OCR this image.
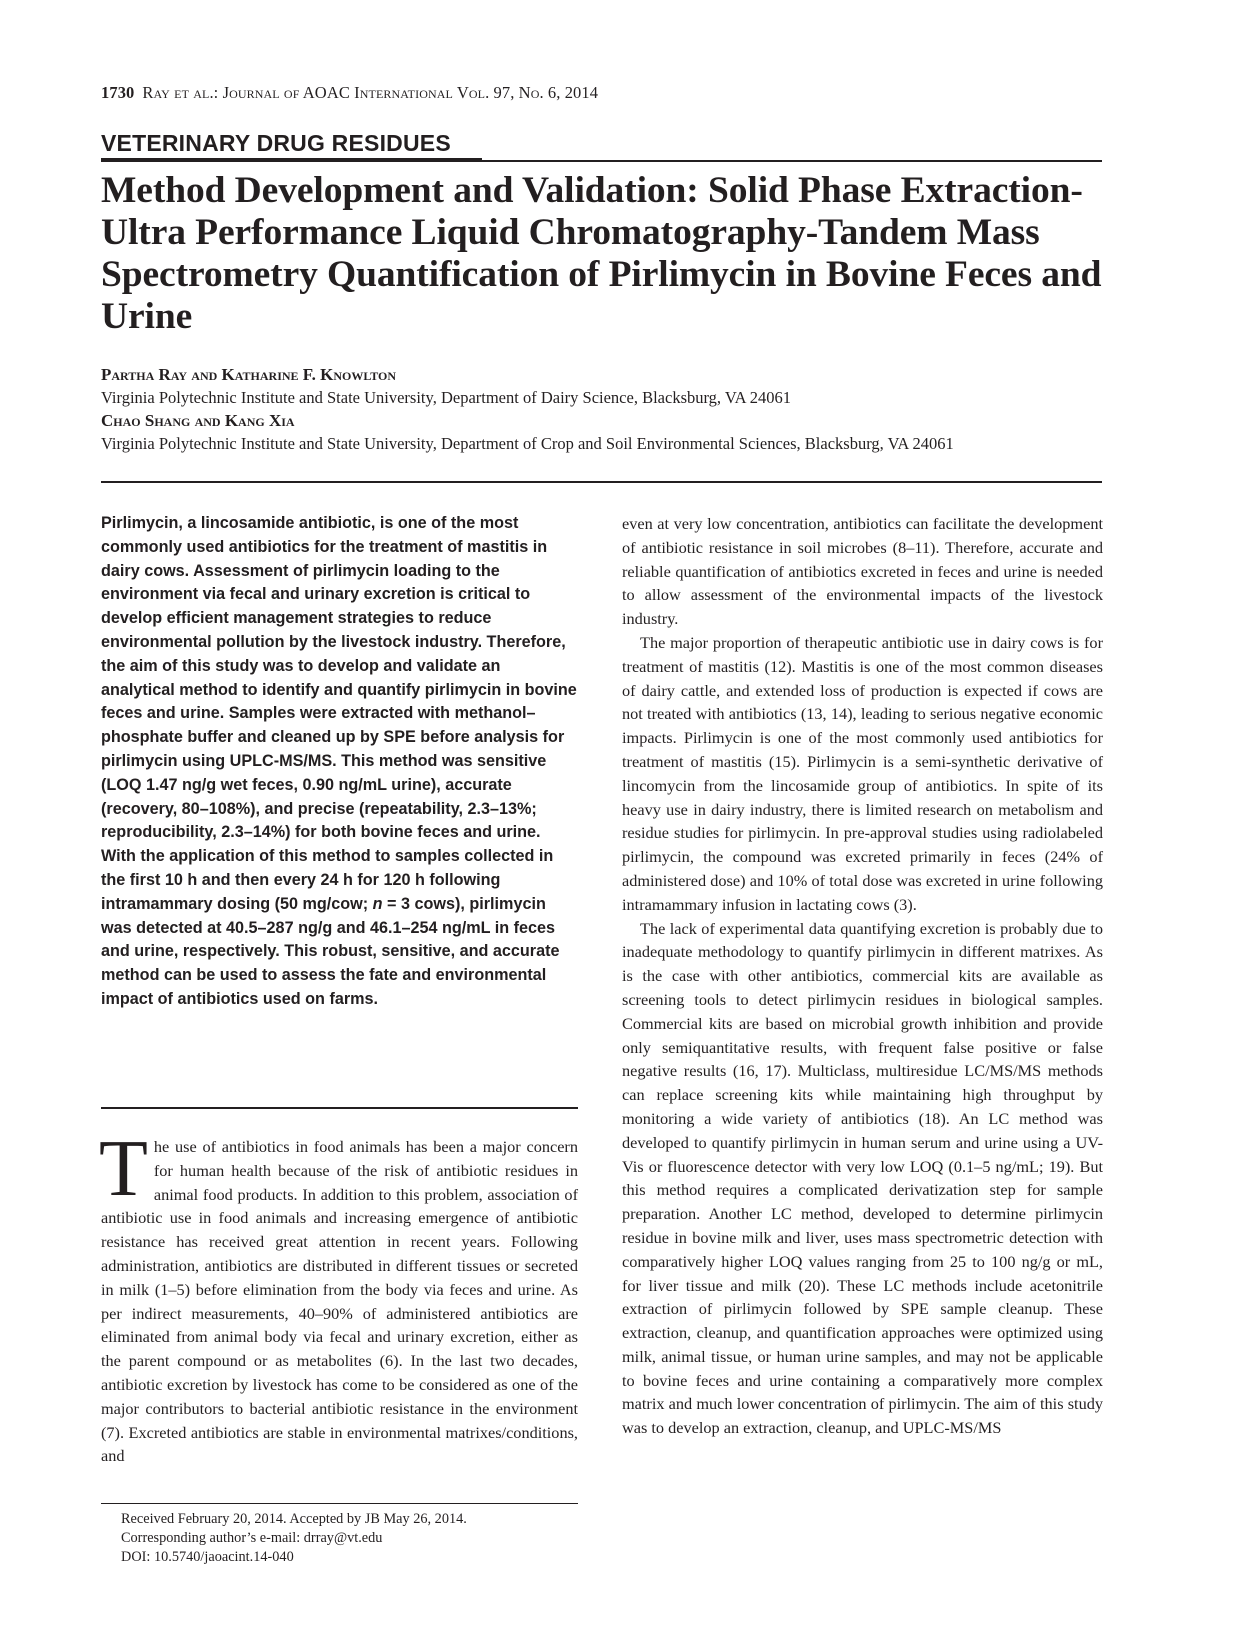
1730 Ray et al.: Journal of AOAC International Vol. 97, No. 6, 2014
VETERINARY DRUG RESIDUES
Method Development and Validation: Solid Phase Extraction-Ultra Performance Liquid Chromatography-Tandem Mass Spectrometry Quantification of Pirlimycin in Bovine Feces and Urine
Partha Ray and Katharine F. Knowlton
Virginia Polytechnic Institute and State University, Department of Dairy Science, Blacksburg, VA 24061
Chao Shang and Kang Xia
Virginia Polytechnic Institute and State University, Department of Crop and Soil Environmental Sciences, Blacksburg, VA 24061

Pirlimycin, a lincosamide antibiotic, is one of the most commonly used antibiotics for the treatment of mastitis in dairy cows. Assessment of pirlimycin loading to the environment via fecal and urinary excretion is critical to develop efficient management strategies to reduce environmental pollution by the livestock industry. Therefore, the aim of this study was to develop and validate an analytical method to identify and quantify pirlimycin in bovine feces and urine. Samples were extracted with methanol–phosphate buffer and cleaned up by SPE before analysis for pirlimycin using UPLC-MS/MS. This method was sensitive (LOQ 1.47 ng/g wet feces, 0.90 ng/mL urine), accurate (recovery, 80–108%), and precise (repeatability, 2.3–13%; reproducibility, 2.3–14%) for both bovine feces and urine. With the application of this method to samples collected in the first 10 h and then every 24 h for 120 h following intramammary dosing (50 mg/cow; n = 3 cows), pirlimycin was detected at 40.5–287 ng/g and 46.1–254 ng/mL in feces and urine, respectively. This robust, sensitive, and accurate method can be used to assess the fate and environmental impact of antibiotics used on farms.

The use of antibiotics in food animals has been a major concern for human health because of the risk of antibiotic residues in animal food products. In addition to this problem, association of antibiotic use in food animals and increasing emergence of antibiotic resistance has received great attention in recent years. Following administration, antibiotics are distributed in different tissues or secreted in milk (1–5) before elimination from the body via feces and urine. As per indirect measurements, 40–90% of administered antibiotics are eliminated from animal body via fecal and urinary excretion, either as the parent compound or as metabolites (6). In the last two decades, antibiotic excretion by livestock has come to be considered as one of the major contributors to bacterial antibiotic resistance in the environment (7). Excreted antibiotics are stable in environmental matrixes/conditions, and

Received February 20, 2014. Accepted by JB May 26, 2014.
Corresponding author’s e-mail: drray@vt.edu
DOI: 10.5740/jaoacint.14-040

even at very low concentration, antibiotics can facilitate the development of antibiotic resistance in soil microbes (8–11). Therefore, accurate and reliable quantification of antibiotics excreted in feces and urine is needed to allow assessment of the environmental impacts of the livestock industry.

The major proportion of therapeutic antibiotic use in dairy cows is for treatment of mastitis (12). Mastitis is one of the most common diseases of dairy cattle, and extended loss of production is expected if cows are not treated with antibiotics (13, 14), leading to serious negative economic impacts. Pirlimycin is one of the most commonly used antibiotics for treatment of mastitis (15). Pirlimycin is a semi-synthetic derivative of lincomycin from the lincosamide group of antibiotics. In spite of its heavy use in dairy industry, there is limited research on metabolism and residue studies for pirlimycin. In pre-approval studies using radiolabeled pirlimycin, the compound was excreted primarily in feces (24% of administered dose) and 10% of total dose was excreted in urine following intramammary infusion in lactating cows (3).

The lack of experimental data quantifying excretion is probably due to inadequate methodology to quantify pirlimycin in different matrixes. As is the case with other antibiotics, commercial kits are available as screening tools to detect pirlimycin residues in biological samples. Commercial kits are based on microbial growth inhibition and provide only semiquantitative results, with frequent false positive or false negative results (16, 17). Multiclass, multiresidue LC/MS/MS methods can replace screening kits while maintaining high throughput by monitoring a wide variety of antibiotics (18). An LC method was developed to quantify pirlimycin in human serum and urine using a UV-Vis or fluorescence detector with very low LOQ (0.1–5 ng/mL; 19). But this method requires a complicated derivatization step for sample preparation. Another LC method, developed to determine pirlimycin residue in bovine milk and liver, uses mass spectrometric detection with comparatively higher LOQ values ranging from 25 to 100 ng/g or mL, for liver tissue and milk (20). These LC methods include acetonitrile extraction of pirlimycin followed by SPE sample cleanup. These extraction, cleanup, and quantification approaches were optimized using milk, animal tissue, or human urine samples, and may not be applicable to bovine feces and urine containing a comparatively more complex matrix and much lower concentration of pirlimycin. The aim of this study was to develop an extraction, cleanup, and UPLC-MS/MS
